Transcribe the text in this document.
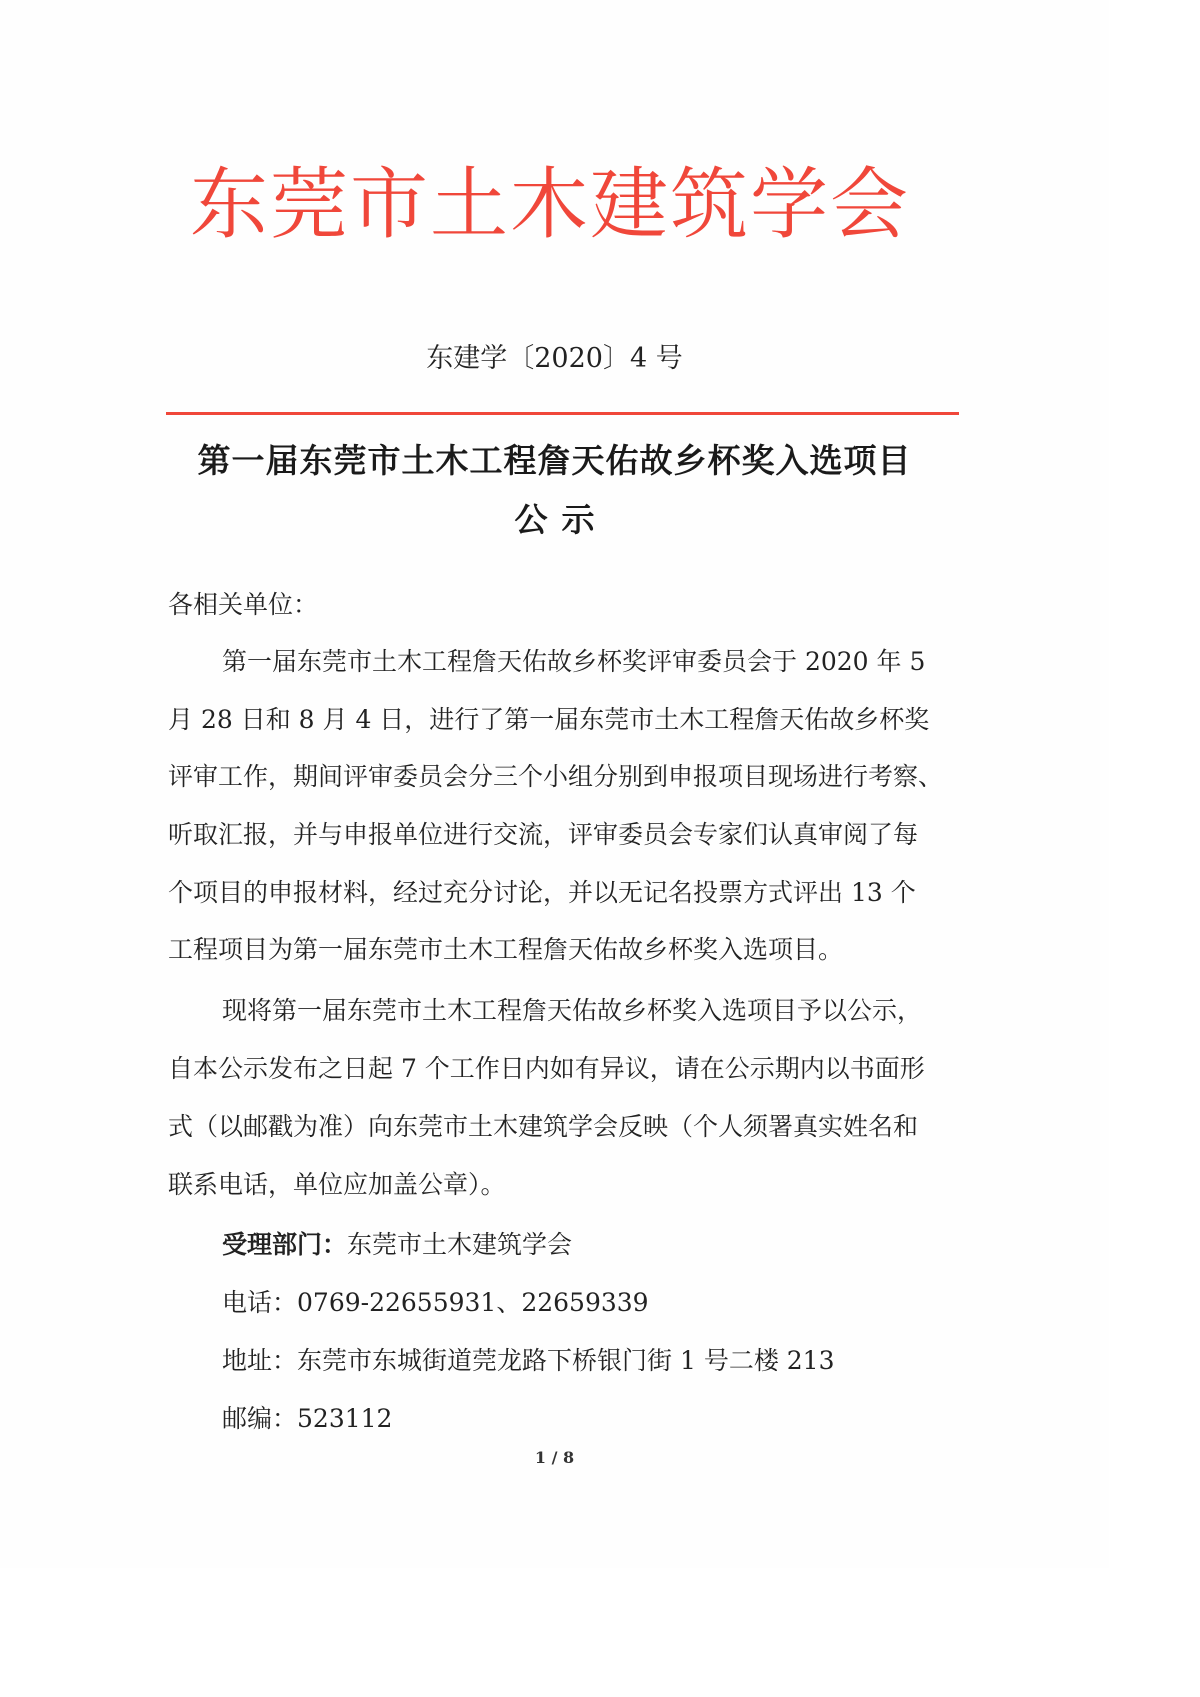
东莞市土木建筑学会
东建学〔2020〕4 号
第一届东莞市土木工程詹天佑故乡杯奖入选项目
公示
各相关单位：
第一届东莞市土木工程詹天佑故乡杯奖评审委员会于 2020 年 5
月 28 日和 8 月 4 日，进行了第一届东莞市土木工程詹天佑故乡杯奖
评审工作，期间评审委员会分三个小组分别到申报项目现场进行考察、
听取汇报，并与申报单位进行交流，评审委员会专家们认真审阅了每
个项目的申报材料，经过充分讨论，并以无记名投票方式评出 13 个
工程项目为第一届东莞市土木工程詹天佑故乡杯奖入选项目。
现将第一届东莞市土木工程詹天佑故乡杯奖入选项目予以公示，
自本公示发布之日起 7 个工作日内如有异议，请在公示期内以书面形
式（以邮戳为准）向东莞市土木建筑学会反映（个人须署真实姓名和
联系电话，单位应加盖公章）。
受理部门：东莞市土木建筑学会
电话：0769-22655931、22659339
地址：东莞市东城街道莞龙路下桥银门街 1 号二楼 213
邮编：523112
1 / 8
